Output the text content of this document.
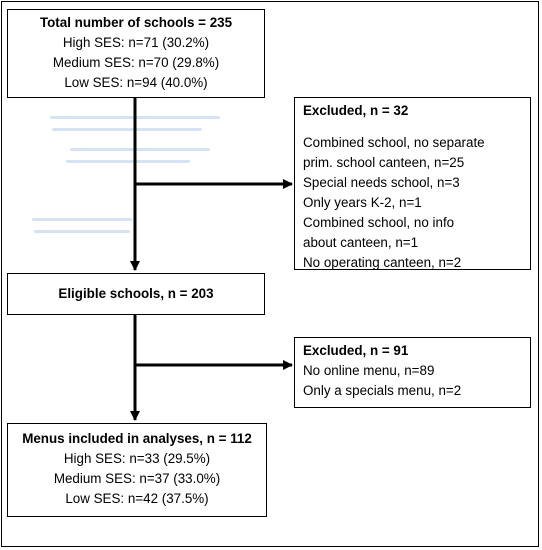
Total number of schools = 235
High SES: n=71 (30.2%)
Medium SES: n=70 (29.8%)
Low SES: n=94 (40.0%)
Excluded, n = 32
Combined school, no separate
prim. school canteen, n=25
Special needs school, n=3
Only years K-2, n=1
Combined school, no info
about canteen, n=1
No operating canteen, n=2
Eligible schools, n = 203
Excluded, n = 91
No online menu, n=89
Only a specials menu, n=2
Menus included in analyses, n = 112
High SES: n=33 (29.5%)
Medium SES: n=37 (33.0%)
Low SES: n=42 (37.5%)
